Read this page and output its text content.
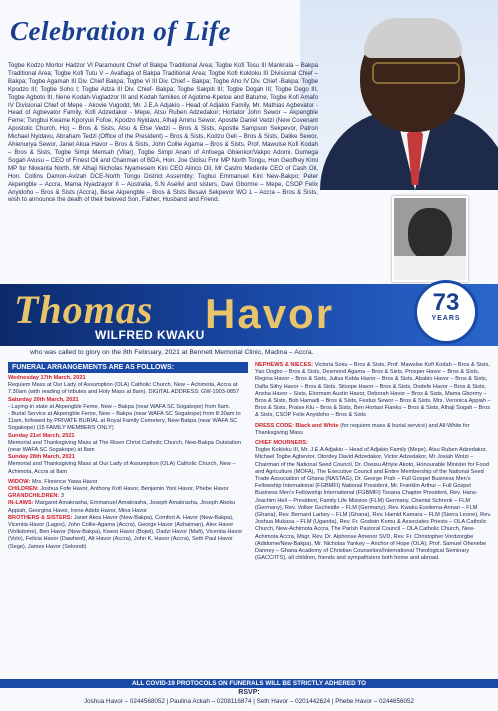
Celebration of Life
Togbe Kodzo Mortor Hadzor VI Paramount Chief of Bakpa Traditional Area; Togbe Kofi Tosu III Mankrala – Bakpa Traditional Area; Togbe Kofi Tutu V – Avafiaga of Bakpa Traditional Area; Togbe Kofi Kokloku III Divisional Chief – Bakpa; Togbe Agamah III Div. Chief Bakpa; Togbe Vi III Div. Chief – Bakpa; Togbe Aho IV Div. Chief -Bakpa; Togbe Kpodzo III; Togbe Soho I; Togbe Adza III Div. Chief- Bakpa; Togbe Sakpiti III; Togbe Dogah III; Togbe Dego III, Togbe Agboto III, Nene Kodah-Vugladzor III and Kodah families of Agotime-Kpetoe and Batume, Togbe Kofi Amafo IV Divisional Chief of Mepe - Akovie Vugodd, Mr. J.E.A Adjakio - Head of Adjakio Family, Mr. Mathias Agbevator - Head of Agbevator Family, Kofi Adzedakor - Mepe, Atsu Ruben Adzedakor; Hortator John Sewor – Akpengble Feme; Tsngbui Kwame Kporyuii Fofoe, Kpodzo Nyidavu, Alhaji Aminu Sewor, Apostle Daniel Vedzi (New Covenant Apostolic Church, Ho) – Bros & Sists, Atsu & Etse Vedzi – Bros & Sists, Apostle Sampson Sekpevor, Patron Michael Nyidavu, Abraham Tedzi (Office of the President) – Bros & Sists, Kodzo Geli – Bros & Sists, Dalike Sewor, Ahienunya Sewor, Janet Akua Havor – Bros & Sists, John Collie Agama – Bros & Sists, Prof. Mawulse Kofi Kodah – Bros & Sists, Togbe Simpi Mensah (Vitar), Togbe Simpi Anani of Anfoega Gbienkor/Vakpo Adomi, Dumega Sogah Avusu – CEO of Finest Oil and Chairman of BDA, Hon. Joe Gidisu Fmr MP North Tongu, Hon Geoffrey Kimi MP for Nkwanta North, Mr Alhaji Nicholas Nyamesem Kini CEO Alinco Oil, Mr Castro Medenle CEO of Cash Oil, Hon. Collins Damon-Avizah DCE-North Tongu District Assembly; Togbui Emmanuel Kini New-Bakpo; Peter Akpengble – Accra, Mama Nyadzayor II – Australia, S.N Aselivi and sisters, Davi Gborme – Mepe, CSOP Felix Anyidoho – Bros & Sists (Accra), Bese Akpengble – Bros & Sists Besavi Sekpevor WO 1 – Accra – Bros & Sists, wish to announce the death of their beloved Son, Father, Husband and Friend.
Thomas Havor
WILFRED KWAKU
73
YEARS
who was called to glory on the 8th February, 2021 at Bennett Memorial Clinic, Madina – Accra.
FUNERAL ARRANGEMENTS ARE AS FOLLOWS:
Wednesday 17th March, 2021
Requiem Mass at Our Lady of Assumption (OLA) Catholic Church, New – Achimota, Accra at 7.30am (with reading of tributes and Holy Mass at 8am). DIGITAL ADDRESS: GW-1003-0857
Saturday 20th March, 2021
- Laying-in state at Akpengble Feme, New – Bakpa (near WAFA SC Sogakope) from 6am.
- Burial Service at Akpengble Feme, New – Bakpa (near WAFA SC Sogakope) from 8:30am to 11am, followed by PRIVATE BURIAL at Royal Family Cemetery, New-Bakpa (near WAFA SC Sogakope) (15 FAMILY MEMBERS ONLY)
Sunday 21st March, 2021
Memorial and Thanksgiving Mass at The Risen Christ Catholic Church, New-Bakpa Outstation (near WAFA SC Sogakope) at 8am
Sunday 28th March, 2021
Memorial and Thanksgiving Mass at Our Lady of Assumption (OLA) Catholic Church, New – Achimota, Accra at 8am
WIDOW: Mrs. Florence Yawa Havor
CHILDREN: Joshua Fofe Havor, Anthony Kofi Havor, Benjamin Yoni Havor, Phebe Havor
GRANDCHILDREN: 3
IN-LAWS: Margaret Amakrasha, Emmanuel Amakrasha, Joseph Amakrasha, Joseph Abeku Appiah, Georgina Havor, Irene Adebi Havor, Mina Havor
BROTHERS & SISTERS: Janet Akos Havor (New-Bakpa), Comfort A. Havor (New-Bakpa), Vicentia Havor (Lagos), John Collie-Agama (Accra), George Havor (Ashaiman), Alex Havor (Volkdome), Ben Havor (New-Bakpa), Kwesi Havor (Bojwi), Dadzi Havor (Mafi), Vicentia Havor (Volo), Felicia Havor (Dawhenl), Alt Havor (Accra), John K. Havor (Accra), Seth Paul Havor (Sege), James Havor (Sekondi)
NEPHEWS & NIECES: Victoria Sosu – Bros & Sists, Prof. Mawulse Kofi Kodah – Bros & Sists, Yao Dogbo – Bros & Sists, Desmond Agama – Bros & Sists, Prosper Havor – Bros & Sists, Regina Havor – Bros & Sists, Julius Kobla Havor – Bros & Sists, Ababio Havor – Bros & Sists, Dafla Sithy Havor – Bros & Sists, Sitsope Havor – Bros & Sists, Dodefe Havor – Bros & Sists, Ansha Havor – Sists, Elormam Austin Havor, Deborah Havor – Bros & Sists, Mama Gbormy – Bros & Sists, Bob Hamadi – Bros & Sists, Festus Sewor – Bros & Sists, Mrs. Veronica Appiah – Bros & Sists, Praise Klu – Bros & Sists, Ben Hortasi Fianku – Bros & Sists, Alhaji Sogah – Bros & Sists, CSOP Felix Anyidoho – Bros & Sists
DRESS CODE: Black and White (for requiem mass & burial service) and All-White for Thanksgiving Mass
CHIEF MOURNERS:
Togbe Kokloku III, Mr. J.E.A Adjakio – Head of Adjakio Family (Mepe), Atsu Ruben Adzedakor, Michael Togbe Agbevtor, Otordey David Adzedakor, Victor Adzedakor, Mr Josiah Wotzi – Chairman of the National Seed Council, Dr. Owusu Afriyie Akoto, Honourable Minister for Food and Agriculture (MOFA), The Executive Council and Entire Membership of the National Seed Trade Association of Ghana (NASTAG), Dr. George Prah – Full Gospel Business Men's Fellowship International (FGBMFI) National President, Mr. Franklin Arthur – Full Gospel Business Men's Fellowship International (FGBMFI) Tsoana Chapter President, Rev. Hans-Joachim Heil – President, Family Life Mission (FLM) Germany, Chantal Schrenk – FLM (Germany), Rev. Volker Gscheidle – FLM (Germany), Rev. Kwaku Essilema-Annan – FLM (Ghana), Rev. Bernard Larbey – FLM (Ghana), Rev. Hamid Kamara – FLM (Sierra Leone), Rev. Joshua Mukasa – FLM (Uganda), Rev. Fr. Godwin Komu & Associates Priests – OLA Catholic Church, New-Achimota Accra, The Parish Pastoral Council – OLA Catholic Church, New-Achimota Accra, Msgr. Rev. Dr. Alphonse Amenor SVD, Rev. Fr. Christopher Vordzorgbe (Adidome/New-Bakpa), Mr. Nicholas Yankey – Anchor of Hope (OLA), Prof. Samuel Ohenebe Danney – Ghana Academy of Christian Counselors/International Theological Seminary (GACC/ITS), all children, friends and sympathizers both home and abroad.
ALL COVID-19 PROTOCOLS ON FUNERALS WILL BE STRICTLY ADHERED TO
RSVP:
Joshua Havor – 0244568052 | Paulina Ackah – 0208116874 | Seth Havor – 0201442624 | Phebe Havor – 0244656052
